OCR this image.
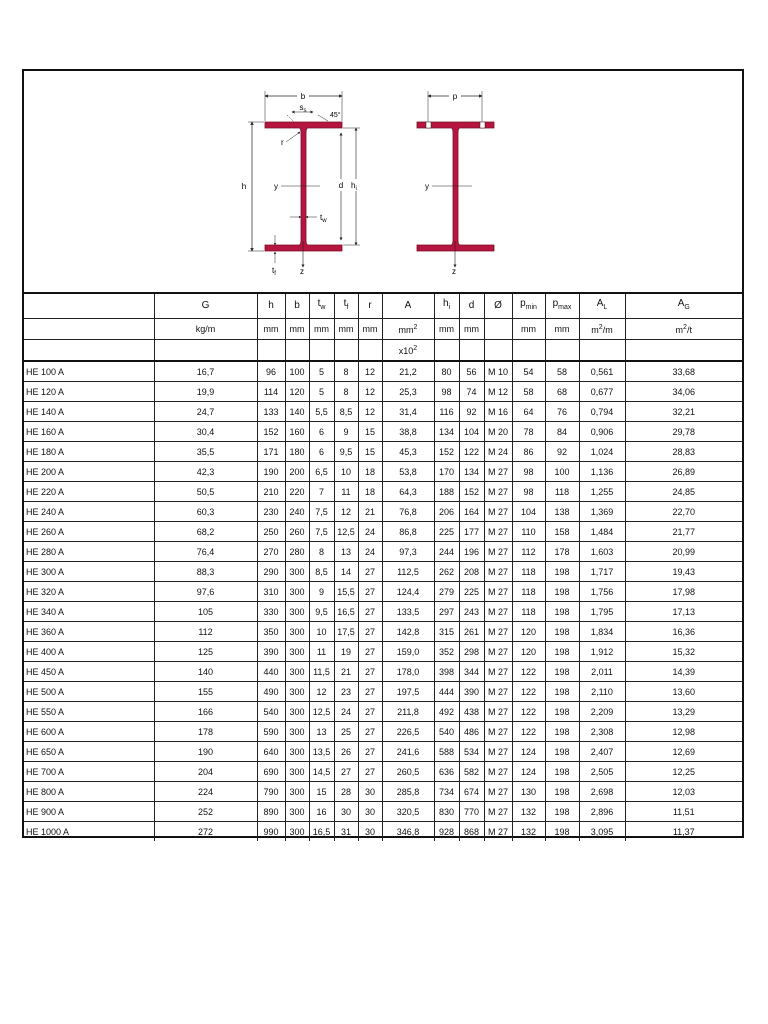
b
$s_s$
45°
r
h	y	d $h_i$
$t_w$
$t_f$	z
p
y
z
	G	h	b	$t_w$	$t_f$	r	A	$h_i$	d	Ø	$p_{min}$	$p_{max}$	$A_L$	$A_G$
	kg/m	mm	mm	mm	mm	mm	$mm^2$	mm	mm		mm	mm	$m^2/m$	$m^2/t$
							$x10^2$							
HE 100 A	16,7	96	100	5	8	12	21,2	80	56	M 10	54	58	0,561	33,68
HE 120 A	19,9	114	120	5	8	12	25,3	98	74	M 12	58	68	0,677	34,06
HE 140 A	24,7	133	140	5,5	8,5	12	31,4	116	92	M 16	64	76	0,794	32,21
HE 160 A	30,4	152	160	6	9	15	38,8	134	104	M 20	78	84	0,906	29,78
HE 180 A	35,5	171	180	6	9,5	15	45,3	152	122	M 24	86	92	1,024	28,83
HE 200 A	42,3	190	200	6,5	10	18	53,8	170	134	M 27	98	100	1,136	26,89
HE 220 A	50,5	210	220	7	11	18	64,3	188	152	M 27	98	118	1,255	24,85
HE 240 A	60,3	230	240	7,5	12	21	76,8	206	164	M 27	104	138	1,369	22,70
HE 260 A	68,2	250	260	7,5	12,5	24	86,8	225	177	M 27	110	158	1,484	21,77
HE 280 A	76,4	270	280	8	13	24	97,3	244	196	M 27	112	178	1,603	20,99
HE 300 A	88,3	290	300	8,5	14	27	112,5	262	208	M 27	118	198	1,717	19,43
HE 320 A	97,6	310	300	9	15,5	27	124,4	279	225	M 27	118	198	1,756	17,98
HE 340 A	105	330	300	9,5	16,5	27	133,5	297	243	M 27	118	198	1,795	17,13
HE 360 A	112	350	300	10	17,5	27	142,8	315	261	M 27	120	198	1,834	16,36
HE 400 A	125	390	300	11	19	27	159,0	352	298	M 27	120	198	1,912	15,32
HE 450 A	140	440	300	11,5	21	27	178,0	398	344	M 27	122	198	2,011	14,39
HE 500 A	155	490	300	12	23	27	197,5	444	390	M 27	122	198	2,110	13,60
HE 550 A	166	540	300	12,5	24	27	211,8	492	438	M 27	122	198	2,209	13,29
HE 600 A	178	590	300	13	25	27	226,5	540	486	M 27	122	198	2,308	12,98
HE 650 A	190	640	300	13,5	26	27	241,6	588	534	M 27	124	198	2,407	12,69
HE 700 A	204	690	300	14,5	27	27	260,5	636	582	M 27	124	198	2,505	12,25
HE 800 A	224	790	300	15	28	30	285,8	734	674	M 27	130	198	2,698	12,03
HE 900 A	252	890	300	16	30	30	320,5	830	770	M 27	132	198	2,896	11,51
HE 1000 A	272	990	300	16,5	31	30	346,8	928	868	M 27	132	198	3,095	11,37
